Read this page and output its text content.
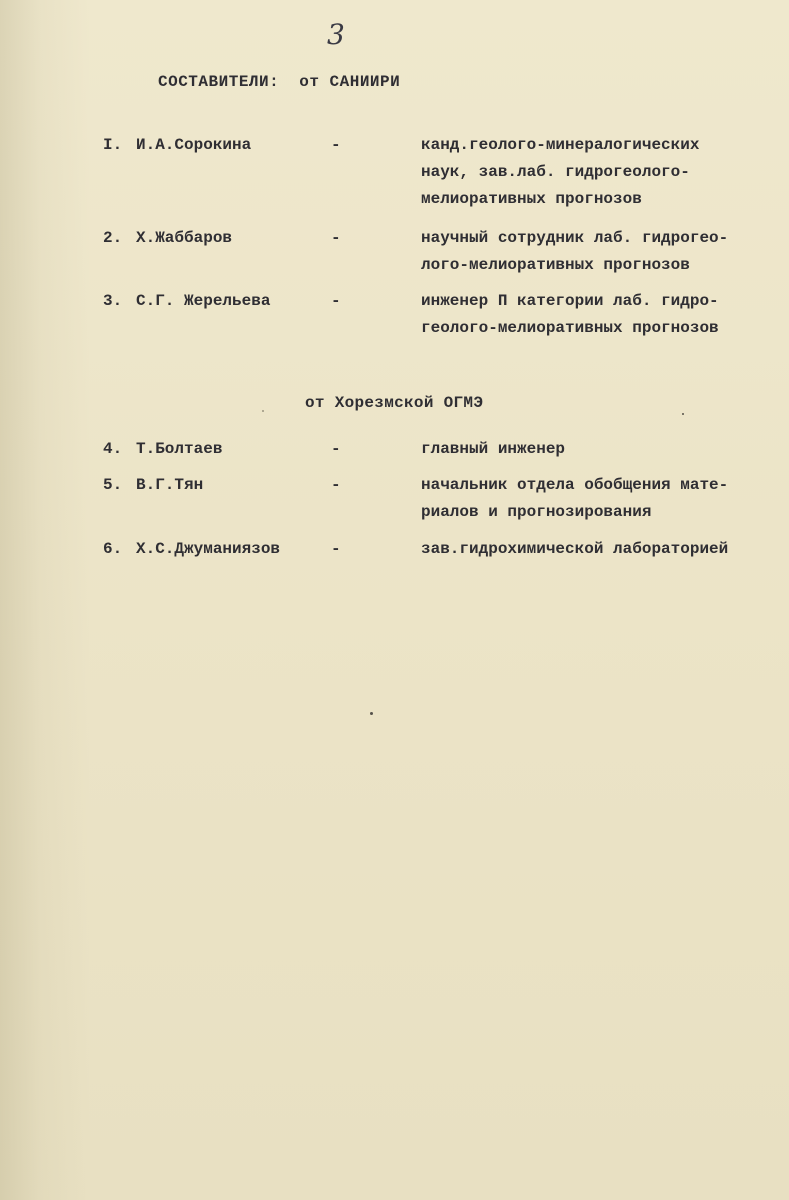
3
СОСТАВИТЕЛИ: от САНИИРИ
I. И.А.Сорокина	-	канд.геолого-минералогических
наук, зав.лаб. гидрогеолого-
мелиоративных прогнозов
2. Х.Жаббаров	-	научный сотрудник лаб. гидрогео-
лого-мелиоративных прогнозов
3. С.Г. Жерельева	-	инженер П категории лаб. гидро-
геолого-мелиоративных прогнозов
от Хорезмской ОГМЭ
4. Т.Болтаев	-	главный инженер
5. В.Г.Тян	-	начальник отдела обобщения мате-
риалов и прогнозирования
6. Х.С.Джуманиязов	-	зав.гидрохимической лабораторией
